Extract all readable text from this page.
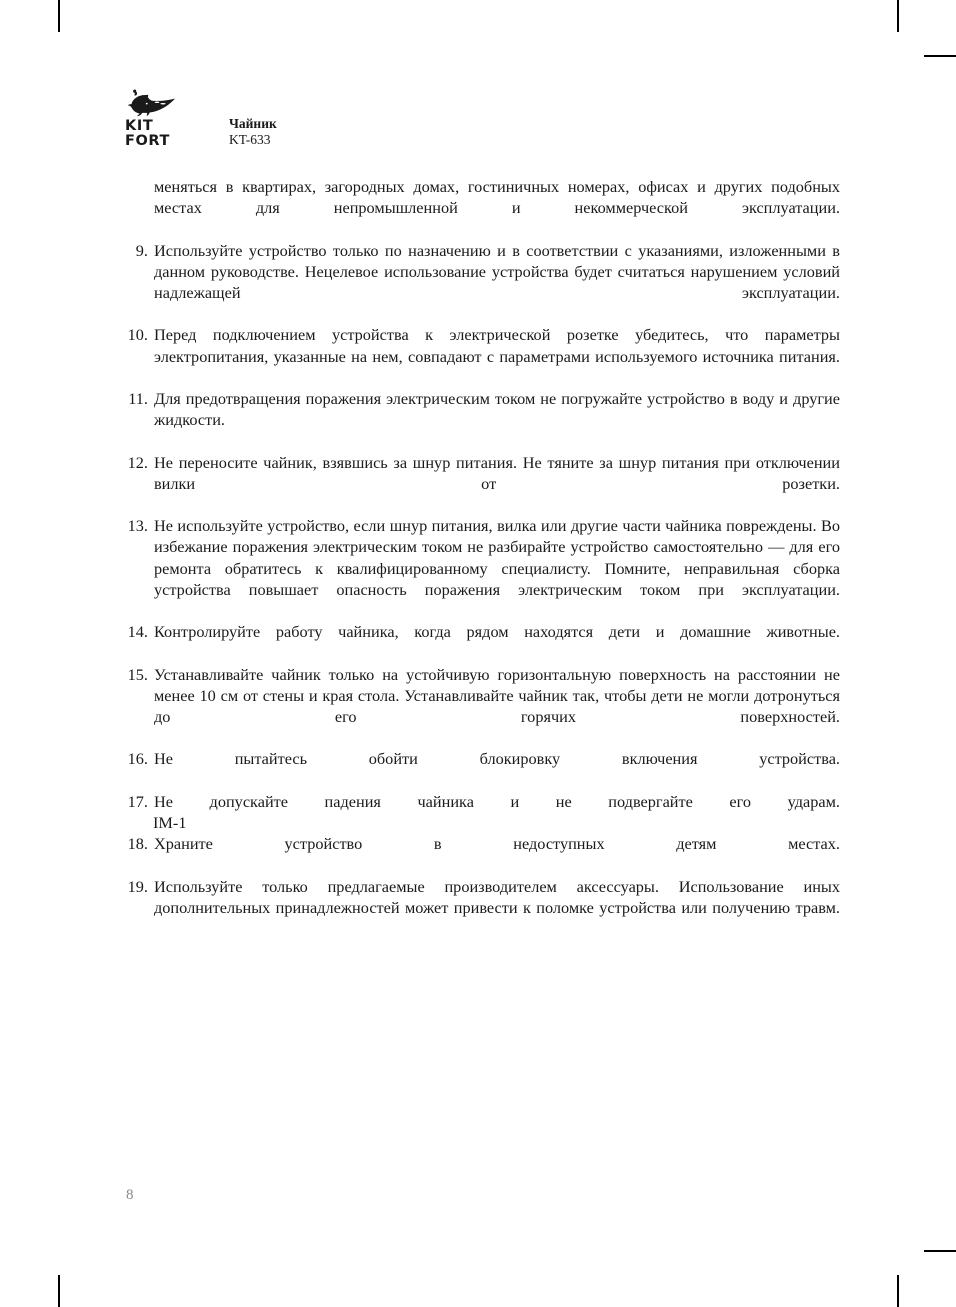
KIT
FORT
Чайник
KT-633

меняться в квартирах, загородных домах, гостиничных номерах, офисах и других подобных местах для непромышленной и некоммерческой эксплуатации.

9. Используйте устройство только по назначению и в соответствии с указаниями, изложенными в данном руководстве. Нецелевое использование устройства будет считаться нарушением условий надлежащей эксплуатации.
10. Перед подключением устройства к электрической розетке убедитесь, что параметры электропитания, указанные на нем, совпадают с параметрами используемого источника питания.
11. Для предотвращения поражения электрическим током не погружайте устройство в воду и другие жидкости.
12. Не переносите чайник, взявшись за шнур питания. Не тяните за шнур питания при отключении вилки от розетки.
13. Не используйте устройство, если шнур питания, вилка или другие части чайника повреждены. Во избежание поражения электрическим током не разбирайте устройство самостоятельно — для его ремонта обратитесь к квалифицированному специалисту. Помните, неправильная сборка устройства повышает опасность поражения электрическим током при эксплуатации.
14. Контролируйте работу чайника, когда рядом находятся дети и домашние животные.
15. Устанавливайте чайник только на устойчивую горизонтальную поверхность на расстоянии не менее 10 см от стены и края стола. Устанавливайте чайник так, чтобы дети не могли дотронуться до его горячих поверхностей.
16. Не пытайтесь обойти блокировку включения устройства.
17. Не допускайте падения чайника и не подвергайте его ударам.
18. Храните устройство в недоступных детям местах.
19. Используйте только предлагаемые производителем аксессуары. Использование иных дополнительных принадлежностей может привести к поломке устройства или получению травм.
IM-1
8
